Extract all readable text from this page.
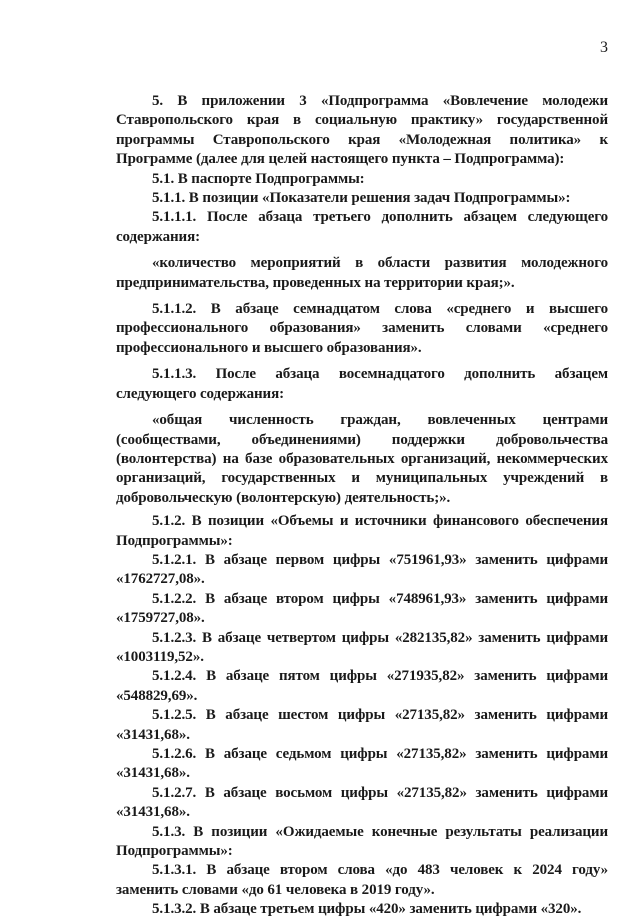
3

5. В приложении 3 «Подпрограмма «Вовлечение молодежи Ставропольского края в социальную практику» государственной программы Ставропольского края «Молодежная политика» к Программе (далее для целей настоящего пункта – Подпрограмма):

5.1. В паспорте Подпрограммы:

5.1.1. В позиции «Показатели решения задач Подпрограммы»:

5.1.1.1. После абзаца третьего дополнить абзацем следующего содержания:

«количество мероприятий в области развития молодежного предпринимательства, проведенных на территории края;».

5.1.1.2. В абзаце семнадцатом слова «среднего и высшего профессионального образования» заменить словами «среднего профессионального и высшего образования».

5.1.1.3. После абзаца восемнадцатого дополнить абзацем следующего содержания:

«общая численность граждан, вовлеченных центрами (сообществами, объединениями) поддержки добровольчества (волонтерства) на базе образовательных организаций, некоммерческих организаций, государственных и муниципальных учреждений в добровольческую (волонтерскую) деятельность;».

5.1.2. В позиции «Объемы и источники финансового обеспечения Подпрограммы»:

5.1.2.1. В абзаце первом цифры «751961,93» заменить цифрами «1762727,08».

5.1.2.2. В абзаце втором цифры «748961,93» заменить цифрами «1759727,08».

5.1.2.3. В абзаце четвертом цифры «282135,82» заменить цифрами «1003119,52».

5.1.2.4. В абзаце пятом цифры «271935,82» заменить цифрами «548829,69».

5.1.2.5. В абзаце шестом цифры «27135,82» заменить цифрами «31431,68».

5.1.2.6. В абзаце седьмом цифры «27135,82» заменить цифрами «31431,68».

5.1.2.7. В абзаце восьмом цифры «27135,82» заменить цифрами «31431,68».

5.1.3. В позиции «Ожидаемые конечные результаты реализации Подпрограммы»:

5.1.3.1. В абзаце втором слова «до 483 человек к 2024 году» заменить словами «до 61 человека в 2019 году».

5.1.3.2. В абзаце третьем цифры «420» заменить цифрами «320».
